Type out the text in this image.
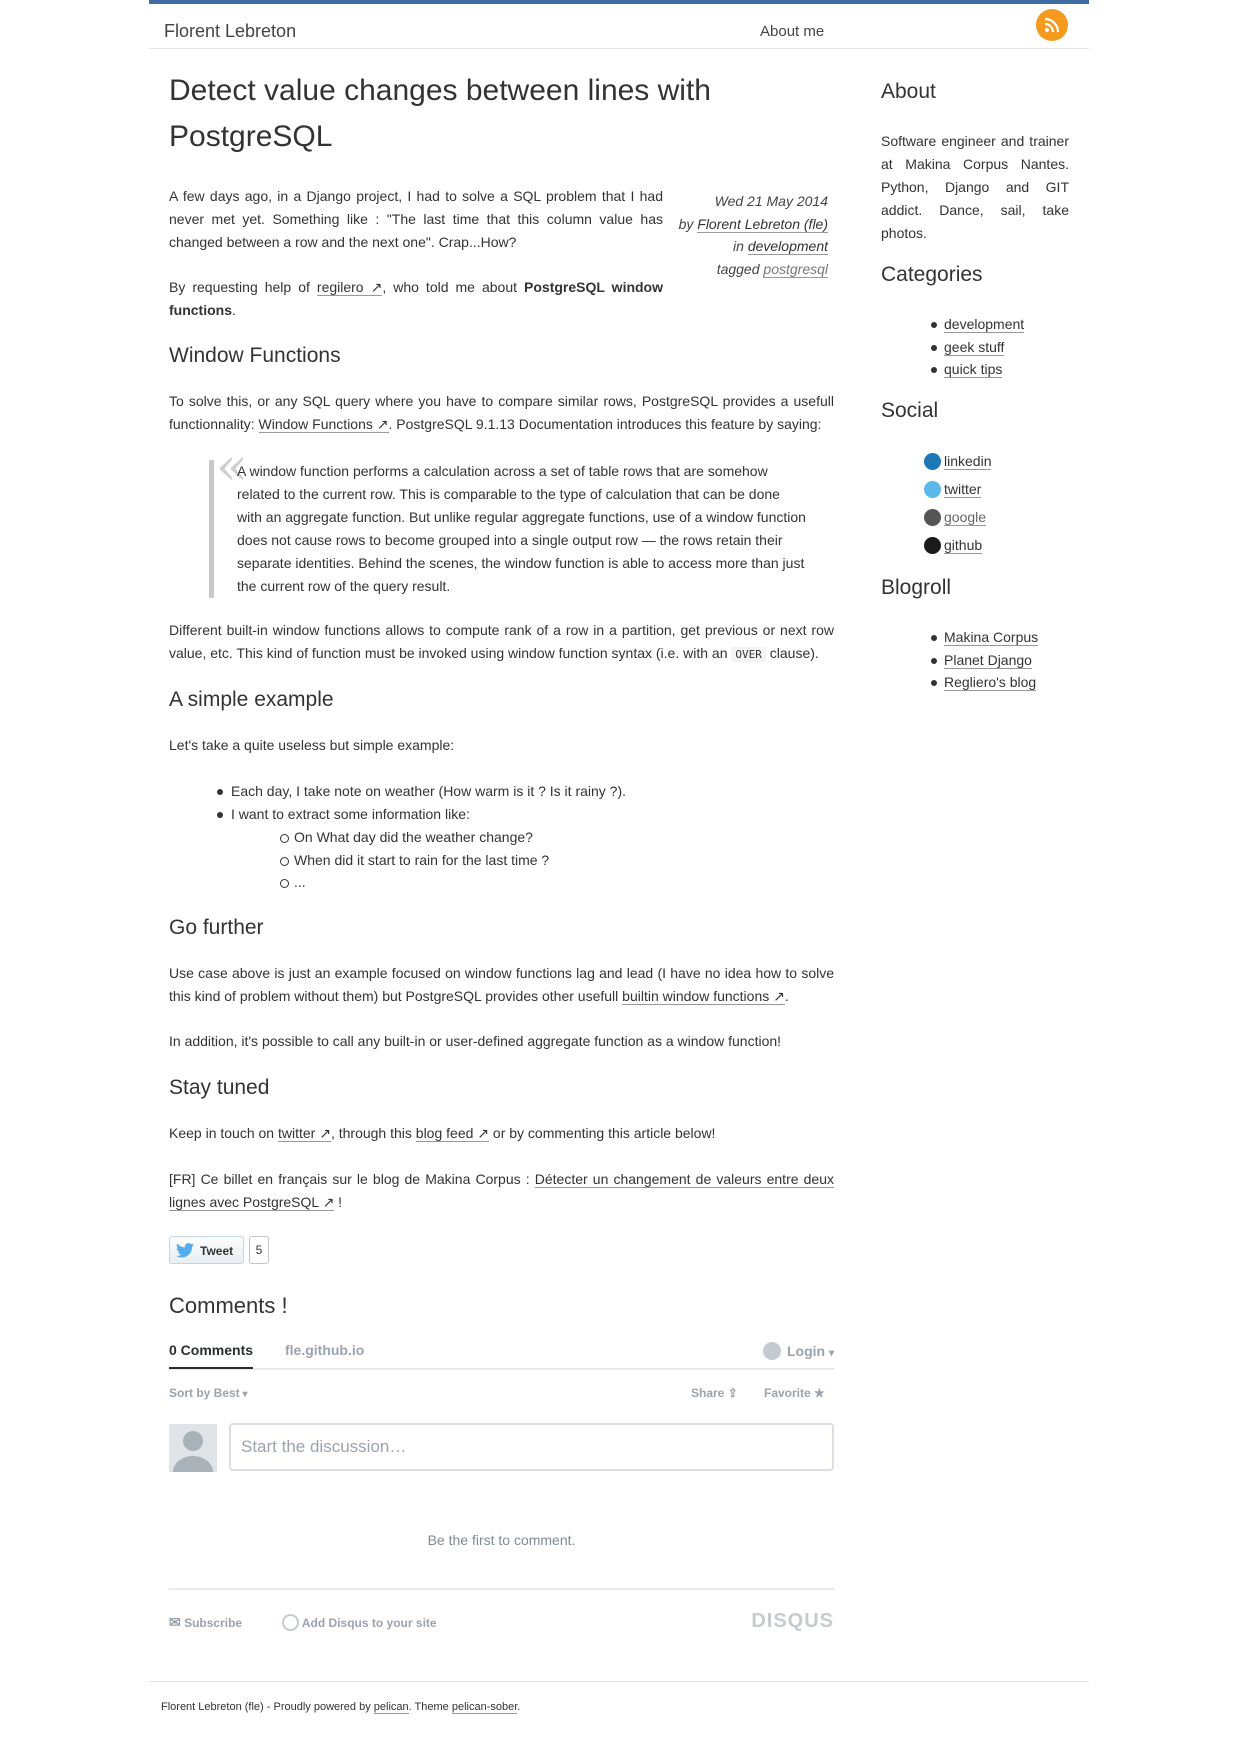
Florent Lebreton	About me
Detect value changes between lines with PostgreSQL
Wed 21 May 2014
by Florent Lebreton (fle)
in development
tagged postgresql

A few days ago, in a Django project, I had to solve a SQL problem that I had never met yet. Something like : "The last time that this column value has changed between a row and the next one". Crap...How?

By requesting help of regilero ↗, who told me about PostgreSQL window functions.

Window Functions

To solve this, or any SQL query where you have to compare similar rows, PostgreSQL provides a usefull functionnality: Window Functions ↗. PostgreSQL 9.1.13 Documentation introduces this feature by saying:

«

A window function performs a calculation across a set of table rows that are somehow related to the current row. This is comparable to the type of calculation that can be done with an aggregate function. But unlike regular aggregate functions, use of a window function does not cause rows to become grouped into a single output row — the rows retain their separate identities. Behind the scenes, the window function is able to access more than just the current row of the query result.

Different built-in window functions allows to compute rank of a row in a partition, get previous or next row value, etc. This kind of function must be invoked using window function syntax (i.e. with an OVER clause).

A simple example

Let's take a quite useless but simple example:

Each day, I take note on weather (How warm is it ? Is it rainy ?).
I want to extract some information like:
On What day did the weather change?
When did it start to rain for the last time ?
...
Go further

Use case above is just an example focused on window functions lag and lead (I have no idea how to solve this kind of problem without them) but PostgreSQL provides other usefull builtin window functions ↗.

In addition, it's possible to call any built-in or user-defined aggregate function as a window function!

Stay tuned

Keep in touch on twitter ↗, through this blog feed ↗ or by commenting this article below!

[FR] Ce billet en français sur le blog de Makina Corpus : Détecter un changement de valeurs entre deux lignes avec PostgreSQL ↗ !

Tweet	5
Comments !
0 Comments fle.github.io	Login ▾
Sort by Best ▾	Share ⇪ Favorite ★
Start the discussion…
Be the first to comment.
✉ Subscribe	Add Disqus to your site	DISQUS
About

Software engineer and trainer at Makina Corpus Nantes. Python, Django and GIT addict. Dance, sail, take photos.

Categories
development
geek stuff
quick tips
Social
linkedin
twitter
google
github
Blogroll
Makina Corpus
Planet Django
Regliero's blog
Florent Lebreton (fle) - Proudly powered by pelican. Theme pelican-sober.
